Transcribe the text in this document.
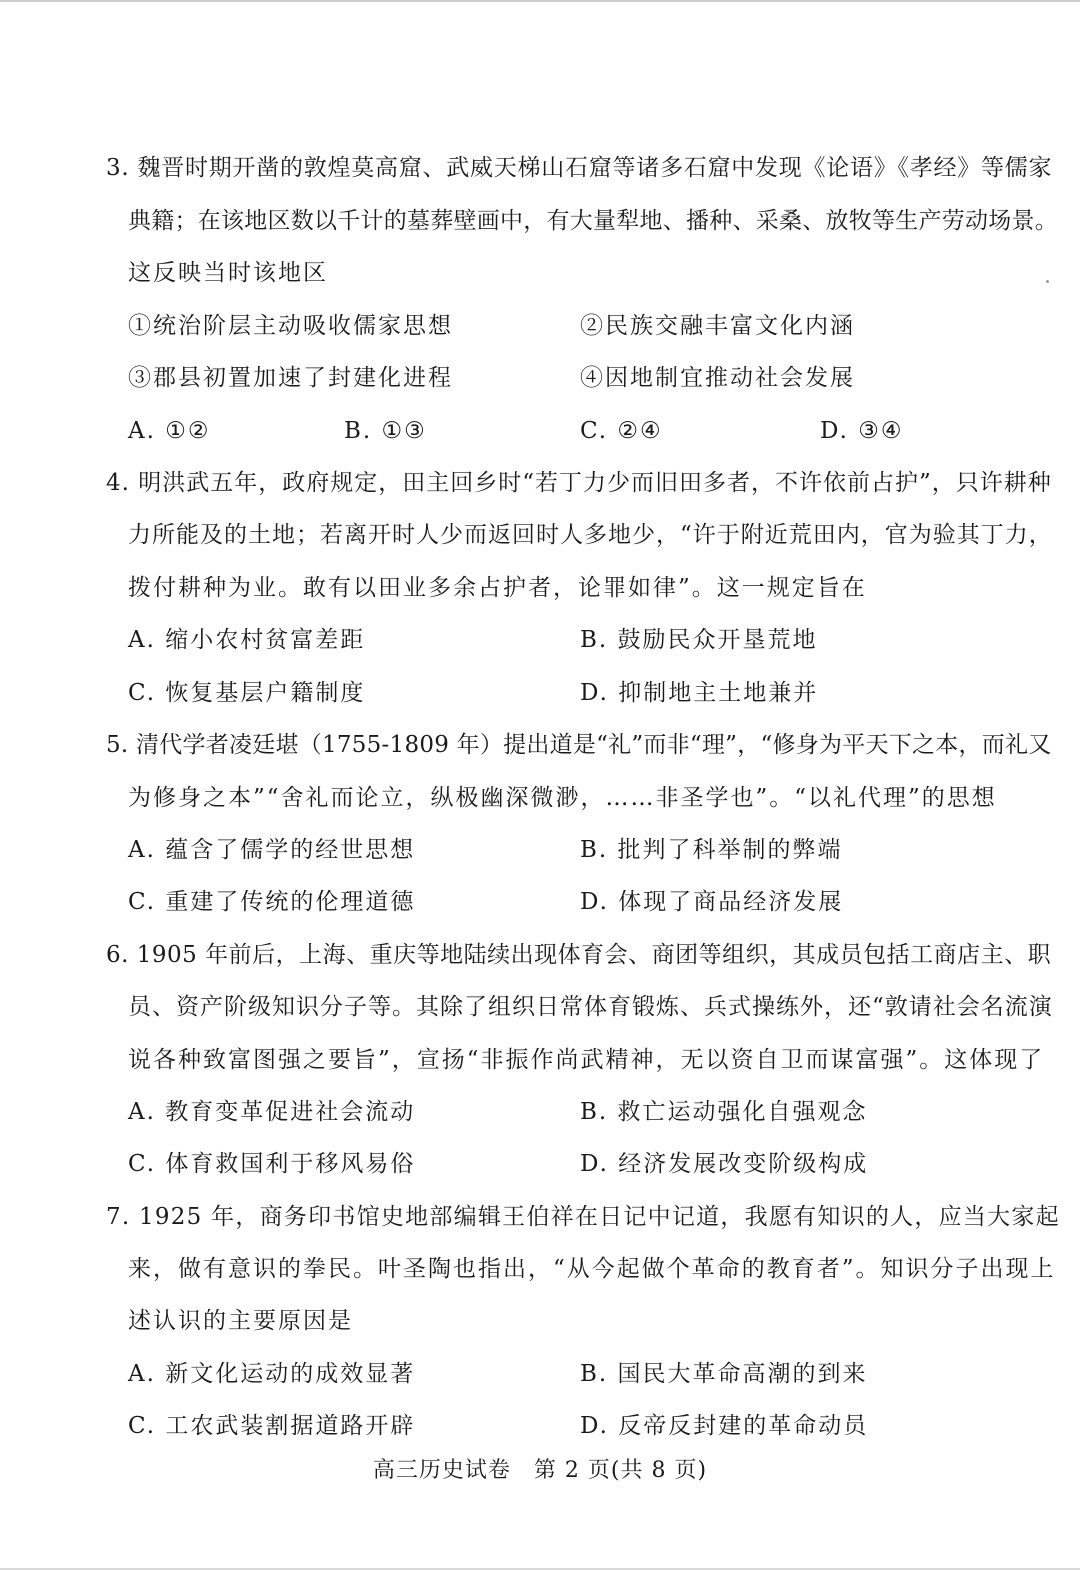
3. 魏晋时期开凿的敦煌莫高窟、武威天梯山石窟等诸多石窟中发现《论语》《孝经》等儒家
典籍；在该地区数以千计的墓葬壁画中，有大量犁地、播种、采桑、放牧等生产劳动场景。
这反映当时该地区
①统治阶层主动吸收儒家思想	②民族交融丰富文化内涵
③郡县初置加速了封建化进程	④因地制宜推动社会发展
A. ①②	B. ①③	C. ②④	D. ③④
4. 明洪武五年，政府规定，田主回乡时“若丁力少而旧田多者，不许依前占护”，只许耕种
力所能及的土地；若离开时人少而返回时人多地少，“许于附近荒田内，官为验其丁力，
拨付耕种为业。敢有以田业多余占护者，论罪如律”。这一规定旨在
A. 缩小农村贫富差距	B. 鼓励民众开垦荒地
C. 恢复基层户籍制度	D. 抑制地主土地兼并
5. 清代学者凌廷堪（1755-1809 年）提出道是“礼”而非“理”，“修身为平天下之本，而礼又
为修身之本”“舍礼而论立，纵极幽深微渺，……非圣学也”。“以礼代理”的思想
A. 蕴含了儒学的经世思想	B. 批判了科举制的弊端
C. 重建了传统的伦理道德	D. 体现了商品经济发展
6. 1905 年前后，上海、重庆等地陆续出现体育会、商团等组织，其成员包括工商店主、职
员、资产阶级知识分子等。其除了组织日常体育锻炼、兵式操练外，还“敦请社会名流演
说各种致富图强之要旨”，宣扬“非振作尚武精神，无以资自卫而谋富强”。这体现了
A. 教育变革促进社会流动	B. 救亡运动强化自强观念
C. 体育救国利于移风易俗	D. 经济发展改变阶级构成
7. 1925 年，商务印书馆史地部编辑王伯祥在日记中记道，我愿有知识的人，应当大家起
来，做有意识的拳民。叶圣陶也指出，“从今起做个革命的教育者”。知识分子出现上
述认识的主要原因是
A. 新文化运动的成效显著	B. 国民大革命高潮的到来
C. 工农武装割据道路开辟	D. 反帝反封建的革命动员
高三历史试卷　第 2 页(共 8 页)
